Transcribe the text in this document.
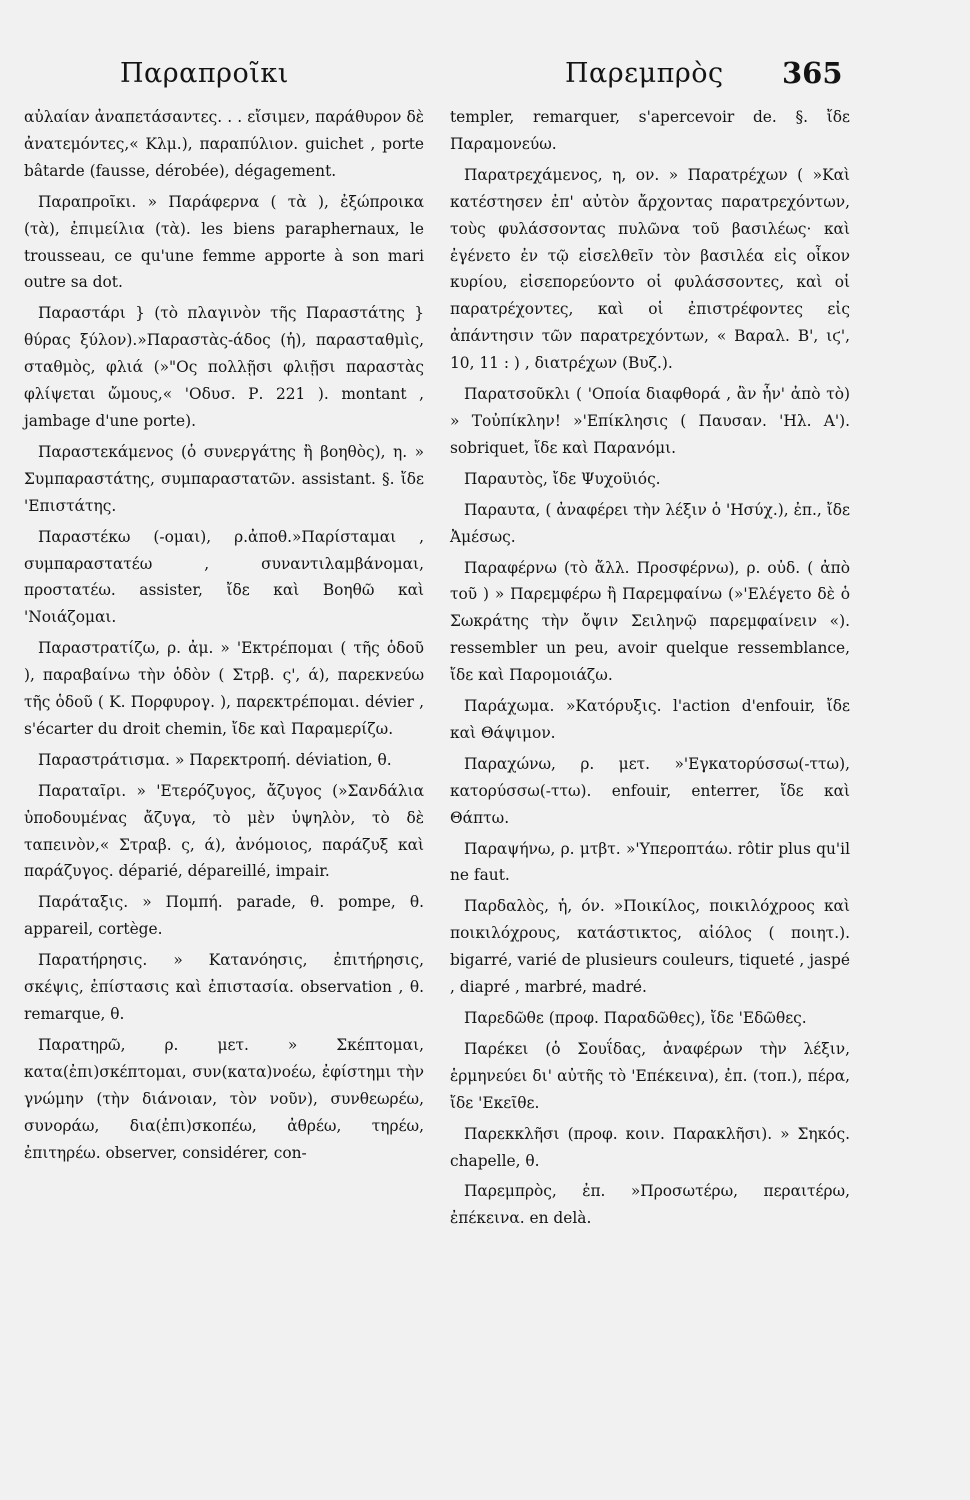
Παραπροῖκι	Παρεμπρὸς 365

αὐλαίαν ἀναπετάσαντες. . . εἴσιμεν, παράθυρον δὲ ἀνατεμόντες,« Κλμ.), παραπύλιον. guichet , porte bâtarde (fausse, dérobée), dégagement.

Παραπροῖκι. » Παράφερνα ( τὰ ), ἐξώπροικα (τὰ), ἐπιμείλια (τὰ). les biens paraphernaux, le trousseau, ce qu'une femme apporte à son mari outre sa dot.

Παραστάρι } (τὸ πλαγινὸν τῆς Παραστάτης } θύρας ξύλον).»Παραστὰς-άδος (ἡ), παρασταθμὶς, σταθμὸς, φλιά (»"Ος πολλῇσι φλιῇσι παραστὰς φλίψεται ὤμους,« 'Οδυσ. Ρ. 221 ). montant , jambage d'une porte).

Παραστεκάμενος (ὁ συνεργάτης ἢ βοηθὸς), η. » Συμπαραστάτης, συμπαραστατῶν. assistant. §. ἴδε 'Επιστάτης.

Παραστέκω (-ομαι), ρ.ἀποθ.»Παρίσταμαι , συμπαραστατέω , συναντιλαμβάνομαι, προστατέω. assister, ἴδε καὶ Βοηθῶ καὶ 'Νοιάζομαι.

Παραστρατίζω, ρ. ἀμ. » 'Εκτρέπομαι ( τῆς ὁδοῦ ), παραβαίνω τὴν ὁδὸν ( Στρβ. ς', ά), παρεκνεύω τῆς ὁδοῦ ( Κ. Πορφυρογ. ), παρεκτρέπομαι. dévier , s'écarter du droit chemin, ἴδε καὶ Παραμερίζω.

Παραστράτισμα. » Παρεκτροπή. déviation, θ.

Παραταῖρι. » 'Ετερόζυγος, ἄζυγος (»Σανδάλια ὑποδουμένας ἄζυγα, τὸ μὲν ὑψηλὸν, τὸ δὲ ταπεινὸν,« Στραβ. ς, ά), ἀνόμοιος, παράζυξ καὶ παράζυγος. déparié, dépareillé, impair.

Παράταξις. » Πομπή. parade, θ. pompe, θ. appareil, cortège.

Παρατήρησις. » Κατανόησις, ἐπιτήρησις, σκέψις, ἐπίστασις καὶ ἐπιστασία. observation , θ. remarque, θ.

Παρατηρῶ, ρ. μετ. » Σκέπτομαι, κατα(ἐπι)σκέπτομαι, συν(κατα)νοέω, ἐφίστημι τὴν γνώμην (τὴν διάνοιαν, τὸν νοῦν), συνθεωρέω, συνοράω, δια(ἐπι)σκοπέω, ἀθρέω, τηρέω, ἐπιτηρέω. observer, considérer, con-

templer, remarquer, s'apercevoir de. §. ἴδε Παραμονεύω.

Παρατρεχάμενος, η, ον. » Παρατρέχων ( »Καὶ κατέστησεν ἐπ' αὐτὸν ἄρχοντας παρατρεχόντων, τοὺς φυλάσσοντας πυλῶνα τοῦ βασιλέως· καὶ ἐγένετο ἐν τῷ εἰσελθεῖν τὸν βασιλέα εἰς οἶκον κυρίου, εἰσεπορεύοντο οἱ φυλάσσοντες, καὶ οἱ παρατρέχοντες, καὶ οἱ ἐπιστρέφοντες εἰς ἀπάντησιν τῶν παρατρεχόντων, « Βαραλ. Β', ιϛ', 10, 11 : ) , διατρέχων (Βυζ.).

Παρατσοῦκλι ( 'Οποία διαφθορά , ἂν ἦν' ἀπὸ τὸ) » Τοὐπίκλην! »'Επίκλησις ( Παυσαν. 'Ηλ. Α'). sobriquet, ἴδε καὶ Παρανόμι.

Παραυτὸς, ἴδε Ψυχοϋιός.

Παραυτα, ( ἀναφέρει τὴν λέξιν ὁ 'Ησύχ.), ἐπ., ἴδε Ἀμέσως.

Παραφέρνω (τὸ ἄλλ. Προσφέρνω), ρ. οὐδ. ( ἀπὸ τοῦ ) » Παρεμφέρω ἢ Παρεμφαίνω (»'Ελέγετο δὲ ὁ Σωκράτης τὴν ὄψιν Σειληνῷ παρεμφαίνειν «). ressembler un peu, avoir quelque ressemblance, ἴδε καὶ Παρομοιάζω.

Παράχωμα. »Κατόρυξις. l'action d'enfouir, ἴδε καὶ Θάψιμον.

Παραχώνω, ρ. μετ. »'Εγκατορύσσω(-ττω), κατορύσσω(-ττω). enfouir, enterrer, ἴδε καὶ Θάπτω.

Παραψήνω, ρ. μτβτ. »'Υπεροπτάω. rôtir plus qu'il ne faut.

Παρδαλὸς, ἡ, όν. »Ποικίλος, ποικιλόχροος καὶ ποικιλόχρους, κατάστικτος, αἰόλος ( ποιητ.). bigarré, varié de plusieurs couleurs, tiqueté , jaspé , diapré , marbré, madré.

Παρεδῶθε (προφ. Παραδῶθες), ἴδε 'Εδῶθες.

Παρέκει (ὁ Σουΐδας, ἀναφέρων τὴν λέξιν, ἑρμηνεύει δι' αὐτῆς τὸ 'Επέκεινα), ἐπ. (τοπ.), πέρα, ἴδε 'Εκεῖθε.

Παρεκκλῆσι (προφ. κοιν. Παρακλῆσι). » Σηκός. chapelle, θ.

Παρεμπρὸς, ἐπ. »Προσωτέρω, περαιτέρω, ἐπέκεινα. en delà.
